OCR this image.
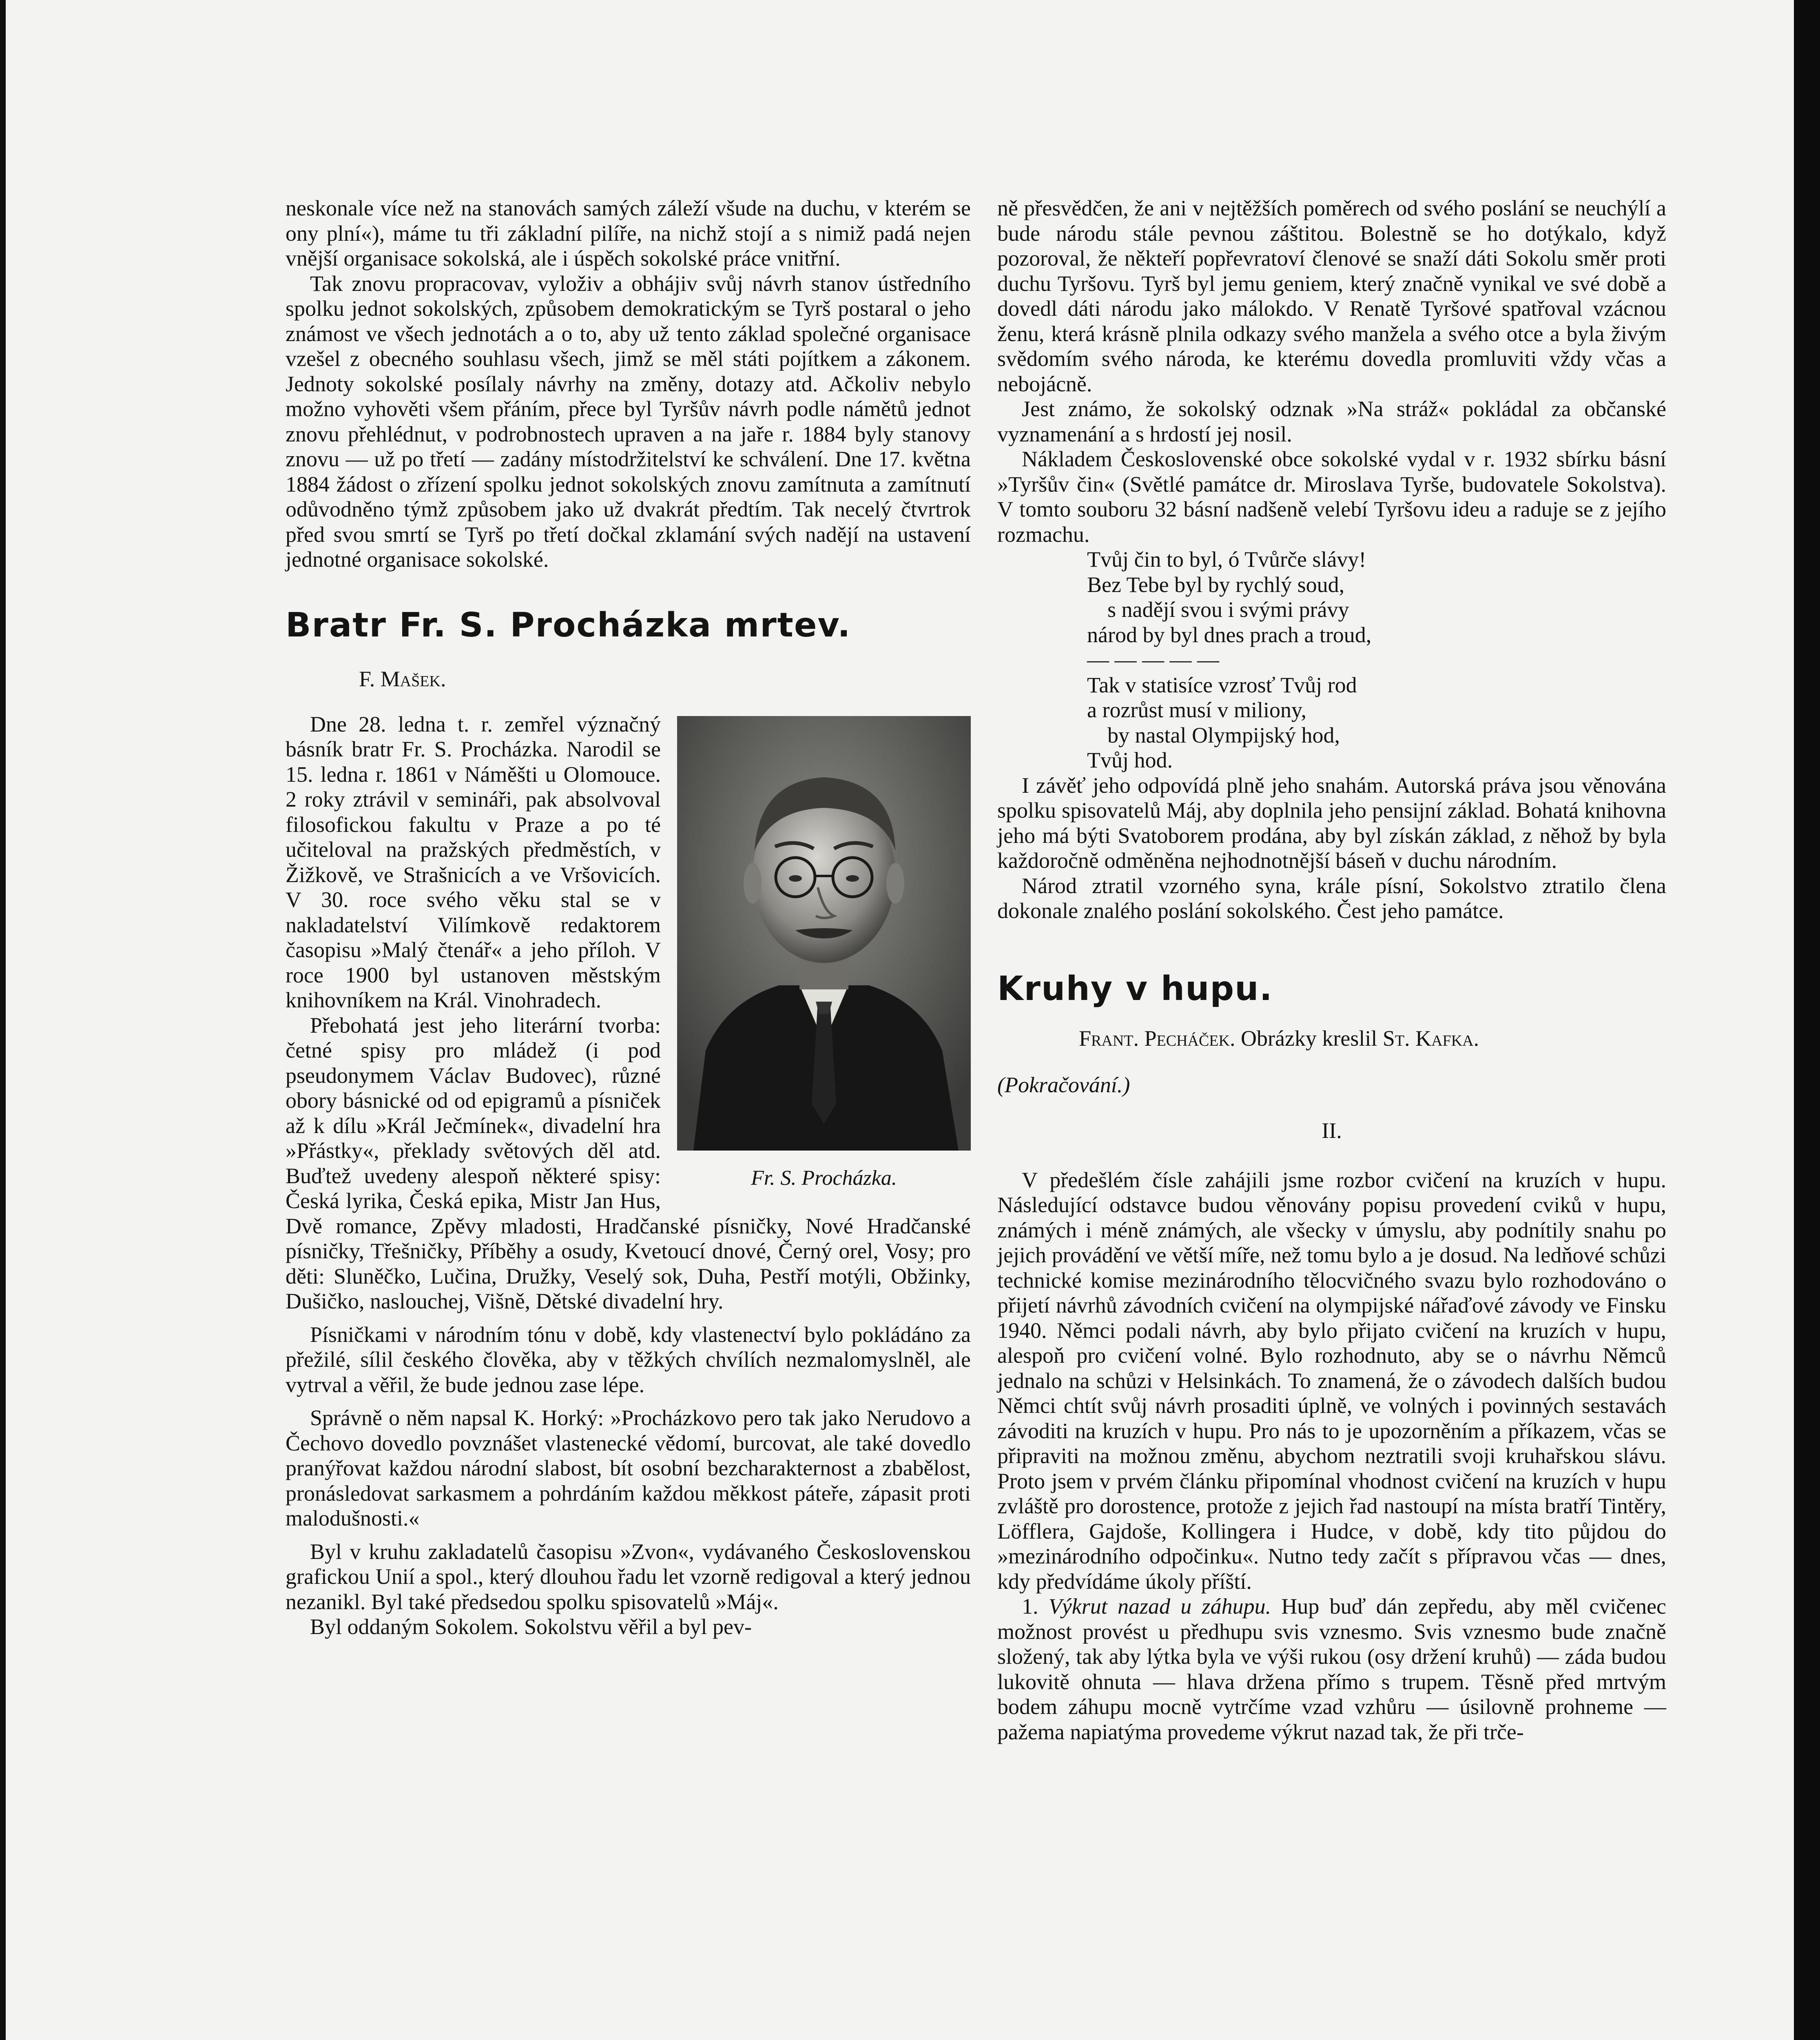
neskonale více než na stanovách samých záleží všude na duchu, v kterém se ony plní«), máme tu tři základní pilíře, na nichž stojí a s nimiž padá nejen vnější organisace sokolská, ale i úspěch sokolské práce vnitřní.

Tak znovu propracovav, vyloživ a obhájiv svůj návrh stanov ústředního spolku jednot sokolských, způsobem demokratickým se Tyrš postaral o jeho známost ve všech jednotách a o to, aby už tento základ společné organisace vzešel z obecného souhlasu všech, jimž se měl státi pojítkem a zákonem. Jednoty sokolské posílaly návrhy na změny, dotazy atd. Ačkoliv nebylo možno vyhověti všem přáním, přece byl Tyršův návrh podle námětů jednot znovu přehlédnut, v podrobnostech upraven a na jaře r. 1884 byly stanovy znovu — už po třetí — zadány místodržitelství ke schválení. Dne 17. května 1884 žádost o zřízení spolku jednot sokolských znovu zamítnuta a zamítnutí odůvodněno týmž způsobem jako už dvakrát předtím. Tak necelý čtvrtrok před svou smrtí se Tyrš po třetí dočkal zklamání svých nadějí na ustavení jednotné organisace sokolské.

Bratr Fr. S. Procházka mrtev.
F. Mašek.
Fr. S. Procházka.

Dne 28. ledna t. r. zemřel význačný básník bratr Fr. S. Procházka. Narodil se 15. ledna r. 1861 v Náměšti u Olomouce. 2 roky ztrávil v semináři, pak absolvoval filosofickou fakultu v Praze a po té učiteloval na pražských předměstích, v Žižkově, ve Strašnicích a ve Vršovicích. V 30. roce svého věku stal se v nakladatelství Vilímkově redaktorem časopisu »Malý čtenář« a jeho příloh. V roce 1900 byl ustanoven městským knihovníkem na Král. Vinohradech.

Přebohatá jest jeho literární tvorba: četné spisy pro mládež (i pod pseudonymem Václav Budovec), různé obory básnické od od epigramů a písniček až k dílu »Král Ječmínek«, divadelní hra »Přástky«, překlady světových děl atd. Buďtež uvedeny alespoň některé spisy: Česká lyrika, Česká epika, Mistr Jan Hus, Dvě romance, Zpěvy mladosti, Hradčanské písničky, Nové Hradčanské písničky, Třešničky, Příběhy a osudy, Kvetoucí dnové, Černý orel, Vosy; pro děti: Sluněčko, Lučina, Družky, Veselý sok, Duha, Pestří motýli, Obžinky, Dušičko, naslouchej, Višně, Dětské divadelní hry.

Písničkami v národním tónu v době, kdy vlastenectví bylo pokládáno za přežilé, sílil českého člověka, aby v těžkých chvílích nezmalomyslněl, ale vytrval a věřil, že bude jednou zase lépe.

Správně o něm napsal K. Horký: »Procházkovo pero tak jako Nerudovo a Čechovo dovedlo povznášet vlastenecké vědomí, burcovat, ale také dovedlo pranýřovat každou národní slabost, bít osobní bezcharakternost a zbabělost, pronásledovat sarkasmem a pohrdáním každou měkkost páteře, zápasit proti malodušnosti.«

Byl v kruhu zakladatelů časopisu »Zvon«, vydávaného Československou grafickou Unií a spol., který dlouhou řadu let vzorně redigoval a který jednou nezanikl. Byl také předsedou spolku spisovatelů »Máj«.

Byl oddaným Sokolem. Sokolstvu věřil a byl pev-

ně přesvědčen, že ani v nejtěžších poměrech od svého poslání se neuchýlí a bude národu stále pevnou záštitou. Bolestně se ho dotýkalo, když pozoroval, že někteří popřevratoví členové se snaží dáti Sokolu směr proti duchu Tyršovu. Tyrš byl jemu geniem, který značně vynikal ve své době a dovedl dáti národu jako málokdo. V Renatě Tyršové spatřoval vzácnou ženu, která krásně plnila odkazy svého manžela a svého otce a byla živým svědomím svého národa, ke kterému dovedla promluviti vždy včas a nebojácně.

Jest známo, že sokolský odznak »Na stráž« pokládal za občanské vyznamenání a s hrdostí jej nosil.

Nákladem Československé obce sokolské vydal v r. 1932 sbírku básní »Tyršův čin« (Světlé památce dr. Miroslava Tyrše, budovatele Sokolstva). V tomto souboru 32 básní nadšeně velebí Tyršovu ideu a raduje se z jejího rozmachu.

Tvůj čin to byl, ó Tvůrče slávy!
Bez Tebe byl by rychlý soud,
s nadějí svou i svými právy
národ by byl dnes prach a troud,
— — — — —
Tak v statisíce vzrosť Tvůj rod
a rozrůst musí v miliony,
by nastal Olympijský hod,
Tvůj hod.

I závěť jeho odpovídá plně jeho snahám. Autorská práva jsou věnována spolku spisovatelů Máj, aby doplnila jeho pensijní základ. Bohatá knihovna jeho má býti Svatoborem prodána, aby byl získán základ, z něhož by byla každoročně odměněna nejhodnotnější báseň v duchu národním.

Národ ztratil vzorného syna, krále písní, Sokolstvo ztratilo člena dokonale znalého poslání sokolského. Čest jeho památce.

Kruhy v hupu.
Frant. Pecháček. Obrázky kreslil St. Kafka.
(Pokračování.)
II.

V předešlém čísle zahájili jsme rozbor cvičení na kruzích v hupu. Následující odstavce budou věnovány popisu provedení cviků v hupu, známých i méně známých, ale všecky v úmyslu, aby podnítily snahu po jejich provádění ve větší míře, než tomu bylo a je dosud. Na ledňové schůzi technické komise mezinárodního tělocvičného svazu bylo rozhodováno o přijetí návrhů závodních cvičení na olympijské nářaďové závody ve Finsku 1940. Němci podali návrh, aby bylo přijato cvičení na kruzích v hupu, alespoň pro cvičení volné. Bylo rozhodnuto, aby se o návrhu Němců jednalo na schůzi v Helsinkách. To znamená, že o závodech dalších budou Němci chtít svůj návrh prosaditi úplně, ve volných i povinných sestavách závoditi na kruzích v hupu. Pro nás to je upozorněním a příkazem, včas se připraviti na možnou změnu, abychom neztratili svoji kruhařskou slávu. Proto jsem v prvém článku připomínal vhodnost cvičení na kruzích v hupu zvláště pro dorostence, protože z jejich řad nastoupí na místa bratří Tintěry, Löfflera, Gajdoše, Kollingera i Hudce, v době, kdy tito půjdou do »mezinárodního odpočinku«. Nutno tedy začít s přípravou včas — dnes, kdy předvídáme úkoly příští.

1. Výkrut nazad u záhupu. Hup buď dán zepředu, aby měl cvičenec možnost provést u předhupu svis vznesmo. Svis vznesmo bude značně složený, tak aby lýtka byla ve výši rukou (osy držení kruhů) — záda budou lukovitě ohnuta — hlava držena přímo s trupem. Těsně před mrtvým bodem záhupu mocně vytrčíme vzad vzhůru — úsilovně prohneme — pažema napiatýma provedeme výkrut nazad tak, že při trče-
